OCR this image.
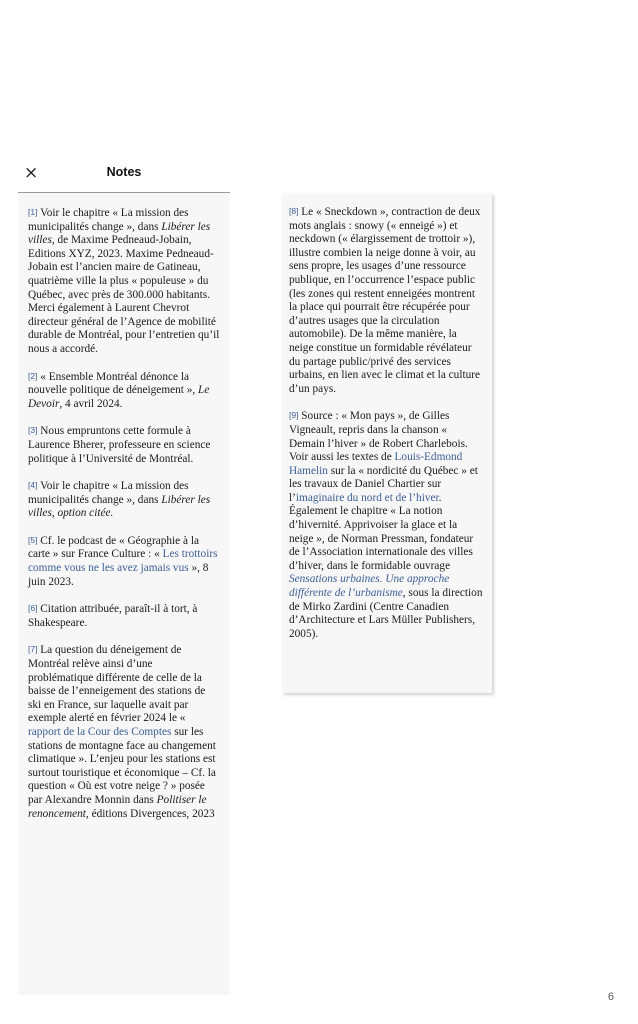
×	Notes

[1] Voir le chapitre « La mission des municipalités change », dans Libérer les villes, de Maxime Pedneaud-Jobain, Editions XYZ, 2023. Maxime Pedneaud-Jobain est l’ancien maire de Gatineau, quatrième ville la plus « populeuse » du Québec, avec près de 300.000 habitants. Merci également à Laurent Chevrot directeur général de l’Agence de mobilité durable de Montréal, pour l’entretien qu’il nous a accordé.

[2] « Ensemble Montréal dénonce la nouvelle politique de déneigement », Le Devoir, 4 avril 2024.

[3] Nous empruntons cette formule à Laurence Bherer, professeure en science politique à l’Université de Montréal.

[4] Voir le chapitre « La mission des municipalités change », dans Libérer les villes, option citée.

[5] Cf. le podcast de « Géographie à la carte » sur France Culture : « Les trottoirs comme vous ne les avez jamais vus », 8 juin 2023.

[6] Citation attribuée, paraît-il à tort, à Shakespeare.

[7] La question du déneigement de Montréal relève ainsi d’une problématique différente de celle de la baisse de l’enneigement des stations de ski en France, sur laquelle avait par exemple alerté en février 2024 le « rapport de la Cour des Comptes sur les stations de montagne face au changement climatique ». L’enjeu pour les stations est surtout touristique et économique – Cf. la question « Où est votre neige ? » posée par Alexandre Monnin dans Politiser le renoncement, éditions Divergences, 2023

[8] Le « Sneckdown », contraction de deux mots anglais : snowy (« enneigé ») et neckdown (« élargissement de trottoir »), illustre combien la neige donne à voir, au sens propre, les usages d’une ressource publique, en l’occurrence l’espace public (les zones qui restent enneigées montrent la place qui pourrait être récupérée pour d’autres usages que la circulation automobile). De la même manière, la neige constitue un formidable révélateur du partage public/privé des services urbains, en lien avec le climat et la culture d’un pays.

[9] Source : « Mon pays », de Gilles Vigneault, repris dans la chanson « Demain l’hiver » de Robert Charlebois. Voir aussi les textes de Louis-Edmond Hamelin sur la « nordicité du Québec » et les travaux de Daniel Chartier sur l’imaginaire du nord et de l’hiver. Également le chapitre « La notion d’hivernité. Apprivoiser la glace et la neige », de Norman Pressman, fondateur de l’Association internationale des villes d’hiver, dans le formidable ouvrage Sensations urbaines. Une approche différente de l’urbanisme, sous la direction de Mirko Zardini (Centre Canadien d’Architecture et Lars Müller Publishers, 2005).

6
